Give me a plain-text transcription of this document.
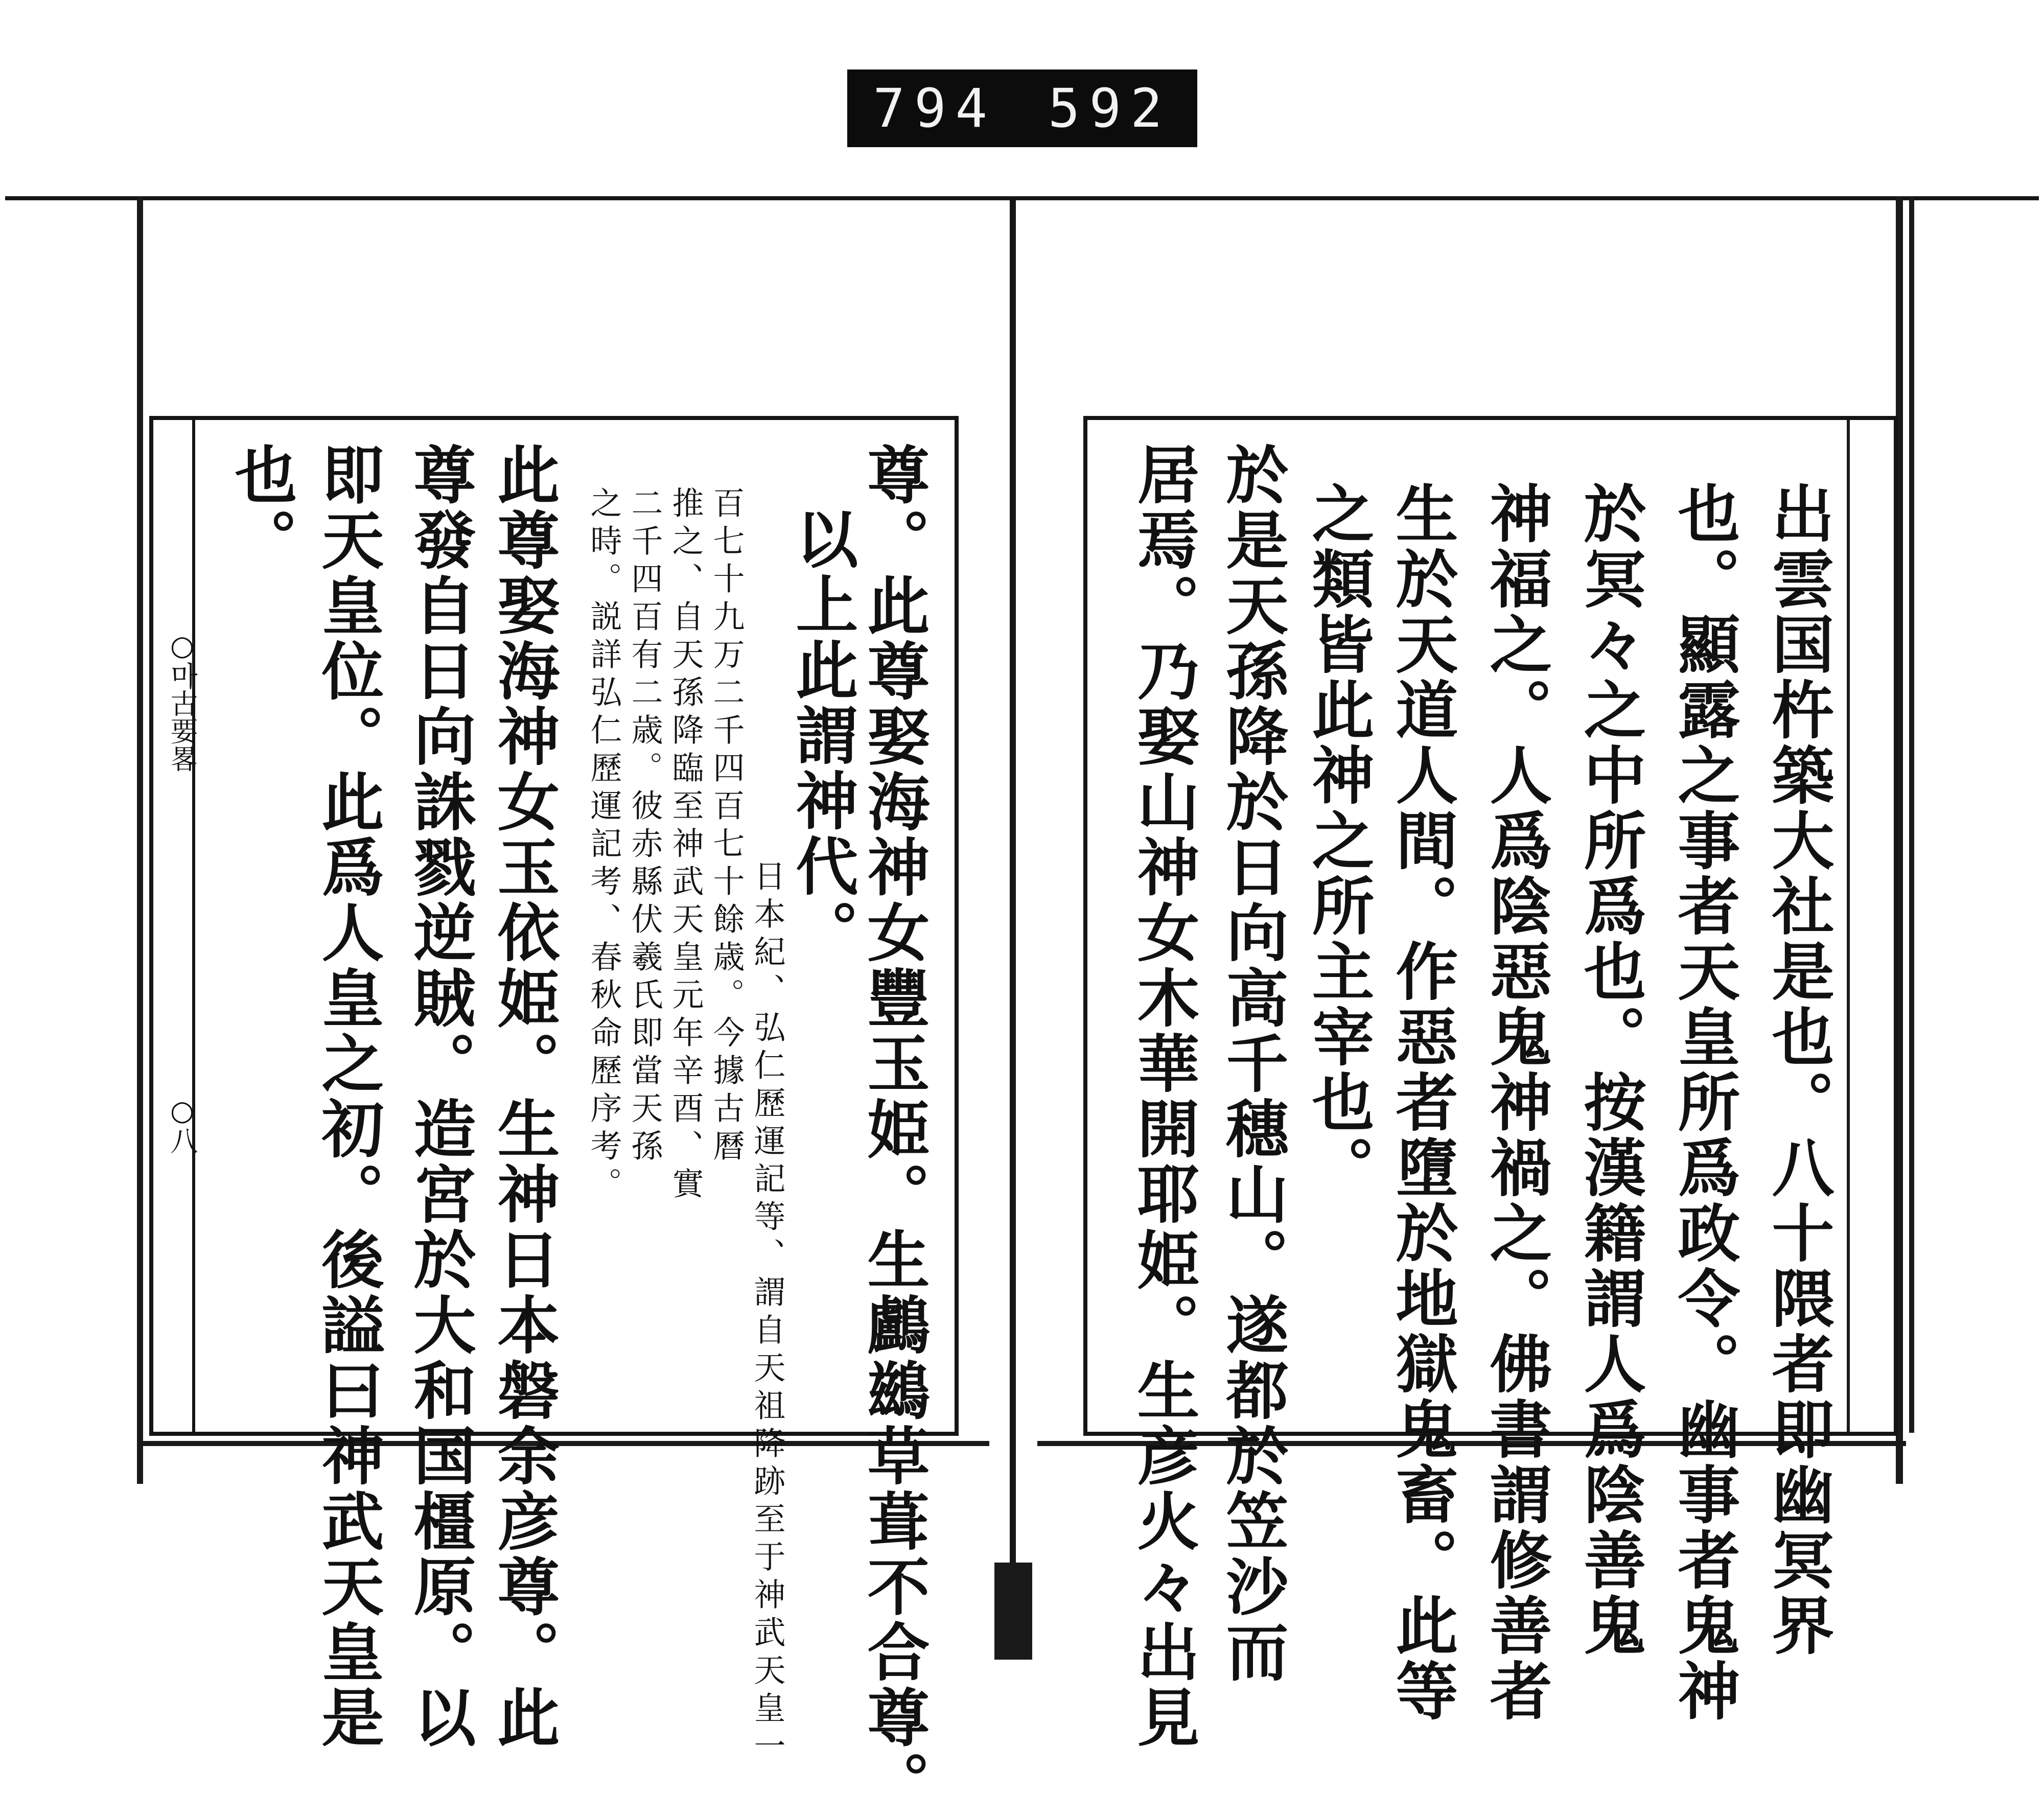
794 592
○마古要畧
○八	尊。此尊娶海神女豐玉姫。生鸕鷀草葺不合尊。
以上此謂神代。
日本紀、弘仁歷運記等、謂自天祖降跡至于神武天皇一
百七十九万二千四百七十餘歳。今據古曆
推之、自天孫降臨至神武天皇元年辛酉、實
二千四百有二歳。彼赤縣伏羲氏即當天孫
之時。説詳弘仁歷運記考、春秋命歷序考。
此尊娶海神女玉依姫。生神日本磐余彦尊。此
尊發自日向誅戮逆賊。造宮於大和国橿原。以
即天皇位。此爲人皇之初。後謚曰神武天皇是
也。	出雲国杵築大社是也。八十隈者即幽冥界
也。顯露之事者天皇所爲政令。幽事者鬼神
於冥々之中所爲也。按漢籍謂人爲陰善鬼
神福之。人爲陰惡鬼神禍之。佛書謂修善者
生於天道人間。作惡者墮於地獄鬼畜。此等
之類皆此神之所主宰也。
於是天孫降於日向高千穗山。遂都於笠沙而
居焉。乃娶山神女木華開耶姫。生彦火々出見
